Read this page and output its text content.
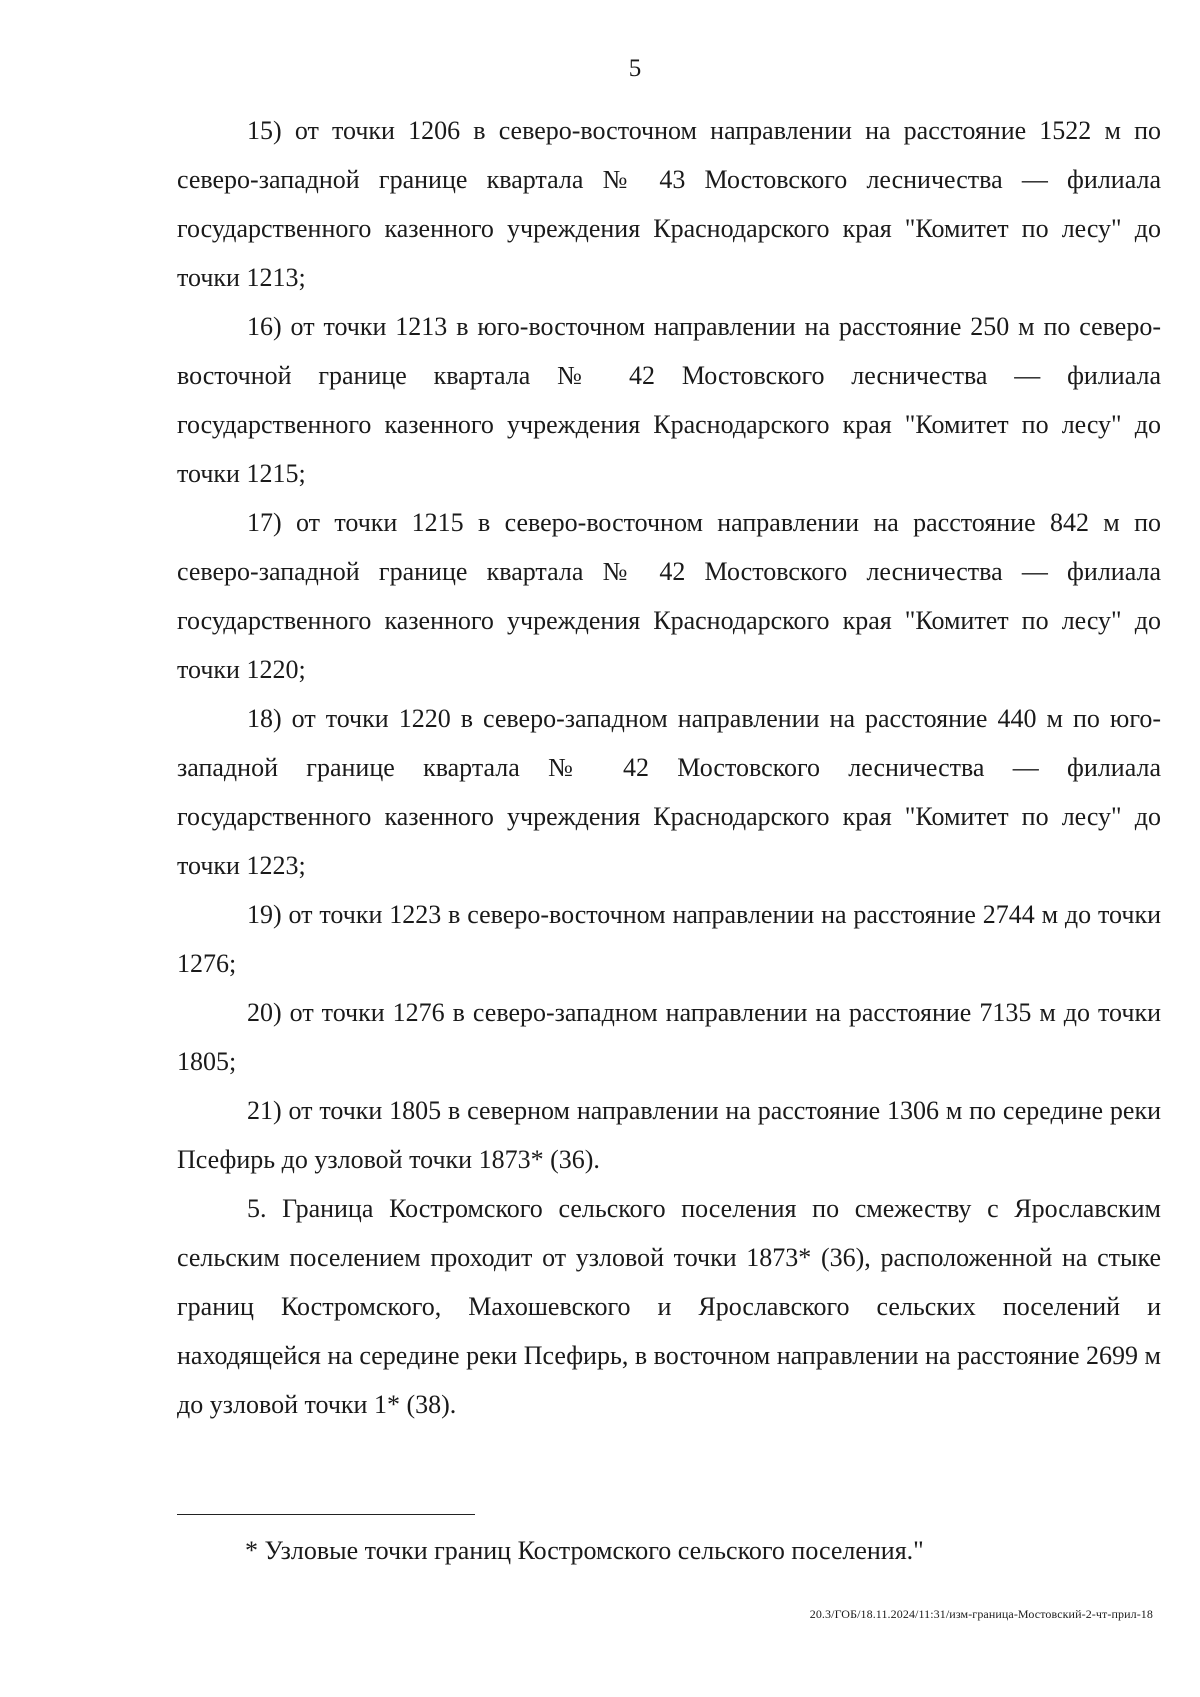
5

15) от точки 1206 в северо-восточном направлении на расстояние 1522 м по северо-западной границе квартала № 43 Мостовского лесничества — филиала государственного казенного учреждения Краснодарского края "Комитет по лесу" до точки 1213;

16) от точки 1213 в юго-восточном направлении на расстояние 250 м по северо-восточной границе квартала № 42 Мостовского лесничества — филиала государственного казенного учреждения Краснодарского края "Комитет по лесу" до точки 1215;

17) от точки 1215 в северо-восточном направлении на расстояние 842 м по северо-западной границе квартала № 42 Мостовского лесничества — филиала государственного казенного учреждения Краснодарского края "Комитет по лесу" до точки 1220;

18) от точки 1220 в северо-западном направлении на расстояние 440 м по юго-западной границе квартала № 42 Мостовского лесничества — филиала государственного казенного учреждения Краснодарского края "Комитет по лесу" до точки 1223;

19) от точки 1223 в северо-восточном направлении на расстояние 2744 м до точки 1276;

20) от точки 1276 в северо-западном направлении на расстояние 7135 м до точки 1805;

21) от точки 1805 в северном направлении на расстояние 1306 м по середине реки Псефирь до узловой точки 1873* (36).

5. Граница Костромского сельского поселения по смежеству с Ярославским сельским поселением проходит от узловой точки 1873* (36), расположенной на стыке границ Костромского, Махошевского и Ярославского сельских поселений и находящейся на середине реки Псефирь, в восточном направлении на расстояние 2699 м до узловой точки 1* (38).

* Узловые точки границ Костромского сельского поселения."
20.3/ГОБ/18.11.2024/11:31/изм-граница-Мостовский-2-чт-прил-18
